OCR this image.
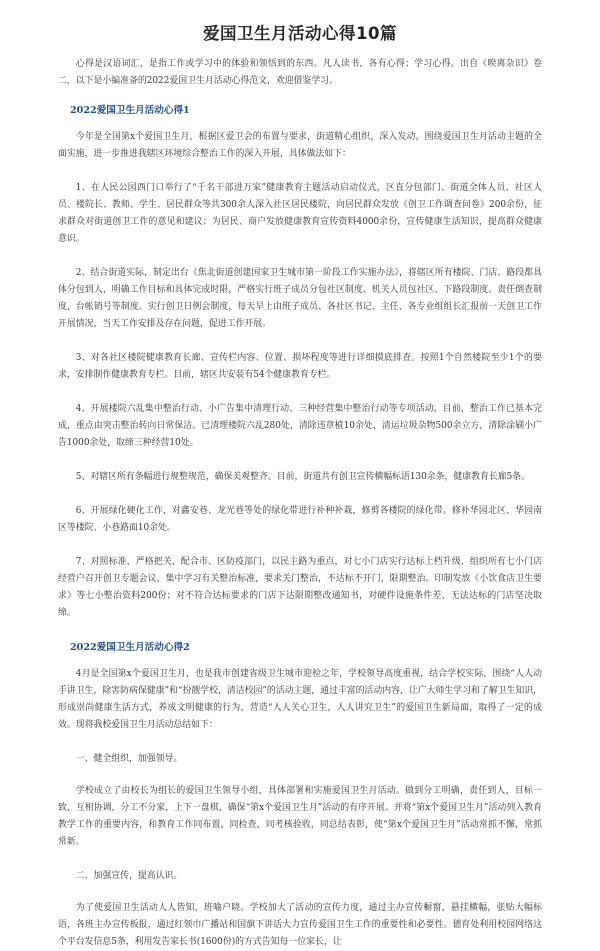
爱国卫生月活动心得10篇

心得是汉语词汇，是指工作或学习中的体验和领悟到的东西。凡人读书，各有心得；学习心得。出自《暌离杂识》卷二，以下是小编准备的2022爱国卫生月活动心得范文，欢迎借鉴学习。

2022爱国卫生月活动心得1

今年是全国第x个爱国卫生月，根据区爱卫会的布置与要求，街道精心组织，深入发动，围绕爱国卫生月活动主题的全面实施，进一步推进我辖区环境综合整治工作的深入开展，具体做法如下：

1、在人民公园西门口举行了“千名干部进万家”健康教育主题活动启动仪式，区直分包部门、街道全体人员、社区人员、楼院长、教师、学生、居民群众等共300余人深入社区居民楼院，向居民群众发放《创卫工作调查问卷》200余份，征求群众对街道创卫工作的意见和建议；为居民、商户发放健康教育宣传资料4000余份，宣传健康生活知识，提高群众健康意识。

2、结合街道实际，制定出台《焦北街道创建国家卫生城市第一阶段工作实施办法》，将辖区所有楼院、门店、路段都具体分包到人，明确工作目标和具体完成时限，严格实行班子成员分包社区制度、机关人员包社区、下路段制度、责任倒查制度，台帐销号等制度。实行创卫日例会制度，每天早上由班子成员、各社区书记、主任、各专业组组长汇报前一天创卫工作开展情况，当天工作安排及存在问题，促进工作开展。

3、对各社区楼院健康教育长廊、宣传栏内容、位置、损坏程度等进行详细摸底排查。按照1个自然楼院至少1个的要求，安排制作健康教育专栏。目前，辖区共安装有54个健康教育专栏。

4、开展楼院六乱集中整治行动、小广告集中清理行动、三种经营集中整治行动等专项活动，目前，整治工作已基本完成，重点由突击整治转向日常保洁。已清理楼院六乱280处，清除违章植10余处，清运垃圾杂物500余立方，清除涂刷小广告1000余处，取缔三种经营10处。

5、对辖区所有条幅进行规整规范，确保美观整齐。目前，街道共有创卫宣传横幅标语130余条，健康教育长廊5条。

6、开展绿化硬化工作，对鑫安巷、龙光巷等处的绿化带进行补种补栽，修剪各楼院的绿化带。修补华园北区、华园南区等楼院、小巷路面10余处。

7、对照标准，严格把关，配合市、区防疫部门，以民主路为重点，对七小门店实行达标上档升级，组织所有七小门店经营户召开创卫专题会议，集中学习有关整治标准，要求关门整治，不达标不开门，限期整治。印制发放《小饮食店卫生要求》等七小整治资料200份；对不符合达标要求的门店下达限期整改通知书，对硬件设施条件差、无法达标的门店坚决取缔。

2022爱国卫生月活动心得2

4月是全国第x个爱国卫生月，也是我市创建省级卫生城市迎检之年，学校领导高度重视，结合学校实际，围绕“人人动手讲卫生，除害防病保健康”和“扮靓学校，清洁校园”的活动主题，通过丰富的活动内容，让广大师生学习和了解卫生知识，形成崇尚健康生活方式，养成文明健康的行为，营造“人人关心卫生，人人讲究卫生”的爱国卫生新局面，取得了一定的成效。现将我校爱国卫生月活动总结如下：

一、健全组织，加强领导。

学校成立了由校长为组长的爱国卫生领导小组，具体部署和实施爱国卫生月活动。做到分工明确，责任到人，目标一致，互相协调，分工不分家，上下一盘棋，确保“第x个爱国卫生月”活动的有序开展。并将“第x个爱国卫生月”活动列入教育教学工作的重要内容，和教育工作同布置，同检查，同考核验收，同总结表彰，使“第x个爱国卫生月”活动常抓不懈，常抓常新。

二、加强宣传，提高认识。

为了使爱国卫生活动人人皆知，班喻户晓。学校加大了活动的宣传力度，通过主办宣传橱窗，悬挂横幅，张贴大幅标语，各班主办宣传板报，通过红领巾广播站和国旗下讲话大力宣传爱国卫生工作的重要性和必要性。德育处利用校园网络这个平台发信息5条，利用发告家长书(1600份)的方式告知每一位家长，让
